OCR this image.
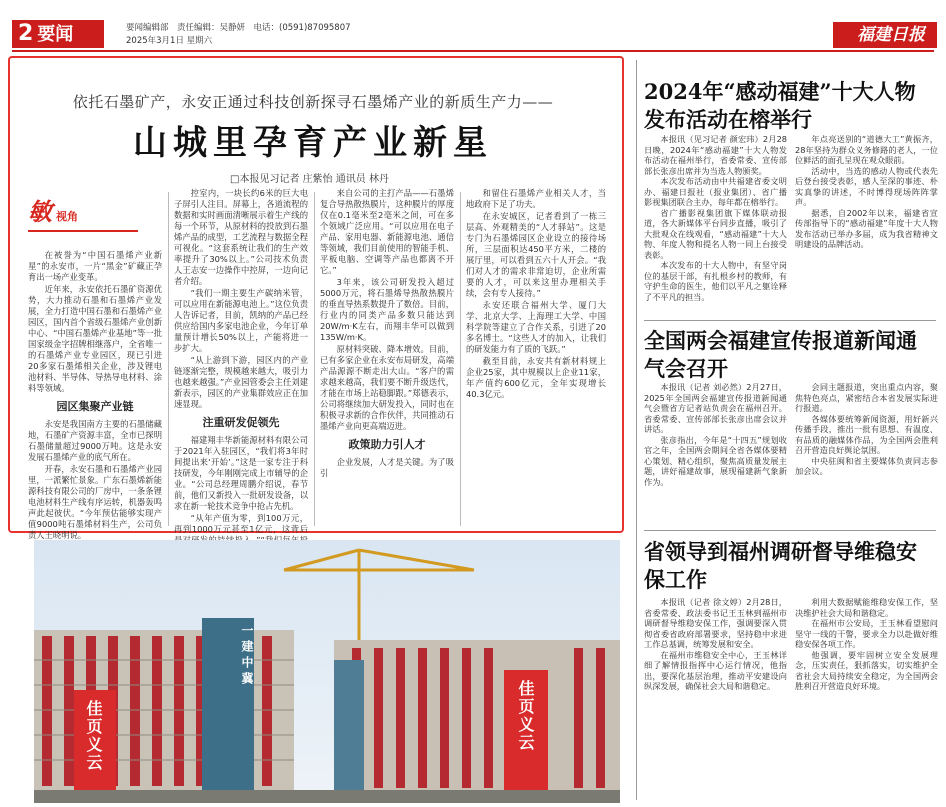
2 要闻	要闻编辑部　责任编辑：吴静妍　电话：(0591)87095807
2025年3月1日 星期六	福建日报
依托石墨矿产，永安正通过科技创新探寻石墨烯产业的新质生产力——
山城里孕育产业新星
□本报见习记者 庄紫怡 通讯员 林丹
敏视角

在被誉为“中国石墨烯产业新星”的永安市，一片“黑金”矿藏正孕育出一场产业变革。

近年来，永安依托石墨矿资源优势，大力推动石墨和石墨烯产业发展，全力打造中国石墨和石墨烯产业园区，国内首个省级石墨烯产业创新中心、“中国石墨烯产业基地”等一批国家级金字招牌相继落户，全省唯一的石墨烯产业专业园区，现已引进20多家石墨烯相关企业，涉及锂电池材料、半导体、导热导电材料、涂料等领域。

园区集聚产业链

永安是我国南方主要的石墨储藏地，石墨矿产资源丰富，全市已探明石墨储量超过9000万吨。这是永安发展石墨烯产业的底气所在。

开春，永安石墨和石墨烯产业园里，一派繁忙景象。广东石墨烯新能源科技有限公司的厂房中，一条条锂电池材料生产线有序运转，机器轰鸣声此起彼伏。“今年预估能够实现产值9000吨石墨烯材料生产，公司负责人王晓明说。

控室内，一块长约6米的巨大电子屏引人注目。屏幕上，各道流程的数据和实时画面清晰展示着生产线的每一个环节，从原材料的投放到石墨烯产品的成型，工艺流程与数据全程可视化。“这套系统让我们的生产效率提升了30%以上。”公司技术负责人王志安一边操作中控屏，一边向记者介绍。

“我们一期主要生产碳纳米管，可以应用在新能源电池上。”这位负责人告诉记者，目前，凯纳的产品已经供应给国内多家电池企业，今年订单量预计增长50%以上，产能将进一步扩大。

“从上游到下游，园区内的产业链逐渐完整，规模越来越大，吸引力也越来越强。”产业园管委会主任刘建新表示，园区的产业集群效应正在加速显现。

注重研发促领先

福建翔丰华新能源材料有限公司于2021年入驻园区，“我们将3年时间提出来‘开始’。”这是一家专注于科技研发，今年刚刚完成上市辅导的企业。“公司总经理周鹏介绍说，春节前，他们又新投入一批研发设备，以求在新一轮技术竞争中抢占先机。

“从年产值为零，到100万元，再到1000万元甚至1亿元，这背后

来自公司的主打产品——石墨烯复合导热散热膜片，这种膜片的厚度仅在0.1毫米至2毫米之间，可在多个领域广泛应用。“可以应用在电子产品、家用电器、新能源电池、通信等领域，我们目前使用的智能手机、平板电脑、空调等产品也都离不开它。”

3年来，该公司研发投入超过5000万元，将石墨烯导热散热膜片的垂直导热系数提升了数倍。目前，行业内的同类产品多数只能达到20W/m·K左右，而翔丰华可以做到135W/m·K。

原材料突破、降本增效。目前，已有多家企业在永安布局研发，高端产品源源不断走出大山。“客户的需求越来越高，我们要不断升级迭代，才能在市场上站稳脚跟。”郑德表示，公司将继续加大研发投入，同时也在积极寻求新的合作伙伴，共同推动石墨烯产业向更高端迈进。

政策助力引人才

企业发展，人才是关键。为了吸引

和留住石墨烯产业相关人才，当地政府下足了功夫。

在永安城区，记者看到了一栋三层高、外观精美的“人才驿站”。这是专门为石墨烯园区企业设立的接待场所，三层面积达450平方米，二楼的展厅里，可以看到五六十人开会。“我们对人才的需求非常迫切，企业所需要的人才，可以来这里办理相关手续，会有专人接待。”

永安还联合福州大学、厦门大学、北京大学、上海理工大学、中国科学院等建立了合作关系，引进了20多名博士。“这些人才的加入，让我们的研发能力有了质的飞跃。”

截至目前，永安共有新材料规上企业25家，其中规模以上企业11家，年产值约600亿元，全年实现增长40.3亿元。

一建中冀
佳页义云	佳页义云
2024年“感动福建”十大人物发布活动在榕举行

本报讯（见习记者 颜宏玮）2月28日晚，2024年“感动福建”十大人物发布活动在福州举行，省委常委、宣传部部长张彦出席并为当选人物颁奖。

本次发布活动由中共福建省委文明办、福建日报社（报业集团）、省广播影视集团联合主办，每年都在榕举行。

省广播影视集团旗下媒体联动报道，各大新媒体平台同步直播，吸引了大批观众在线观看，“感动福建”十大人物、年度人物和提名人物一同上台接受表彰。

本次发布的十大人物中，有坚守岗位的基层干部，有扎根乡村的教师，有守护生命的医生，他们以平凡之躯诠释了不平凡的担当。

年点亮送别的“道德大工”黄振齐，28年坚持为群众义务修路的老人，一位位鲜活的面孔呈现在观众眼前。

活动中，当选的感动人物或代表先后登台接受表彰，感人至深的事迹、朴实真挚的讲述，不时博得现场阵阵掌声。

据悉，自2002年以来，福建省宣传部指导下的“感动福建”年度十大人物发布活动已举办多届，成为我省精神文明建设的品牌活动。

全国两会福建宣传报道新闻通气会召开

本报讯（记者 刘必然）2月27日，2025年全国两会福建宣传报道新闻通气会暨省方记者站负责会在福州召开。省委常委、宣传部部长张彦出席会议并讲话。

张彦指出，今年是“十四五”规划收官之年，全国两会期间全省各媒体要精心策划、精心组织，聚焦高质量发展主题，讲好福建故事，展现福建新气象新作为。

会同主题报道，突出重点内容，聚焦特色亮点，紧密结合本省发展实际进行报道。

各媒体要统筹新闻资源，用好新兴传播手段，推出一批有思想、有温度、有品质的融媒体作品，为全国两会胜利召开营造良好舆论氛围。

中央驻闽和省主要媒体负责同志参加会议。

省领导到福州调研督导维稳安保工作

本报讯（记者 徐文婷）2月28日，省委常委、政法委书记王玉林到福州市调研督导维稳安保工作，强调要深入贯彻省委省政府部署要求，坚持稳中求进工作总基调，统筹发展和安全。

在福州市维稳安全中心，王玉林详细了解情报指挥中心运行情况，他指出，要深化基层治理，推动平安建设向纵深发展，确保社会大局和谐稳定。

利用大数据赋能维稳安保工作，坚决维护社会大局和谐稳定。

在福州市公安局，王玉林看望慰问坚守一线的干警，要求全力以赴做好维稳安保各项工作。

他强调，要牢固树立安全发展理念，压实责任，狠抓落实，切实维护全省社会大局持续安全稳定，为全国两会胜利召开营造良好环境。
